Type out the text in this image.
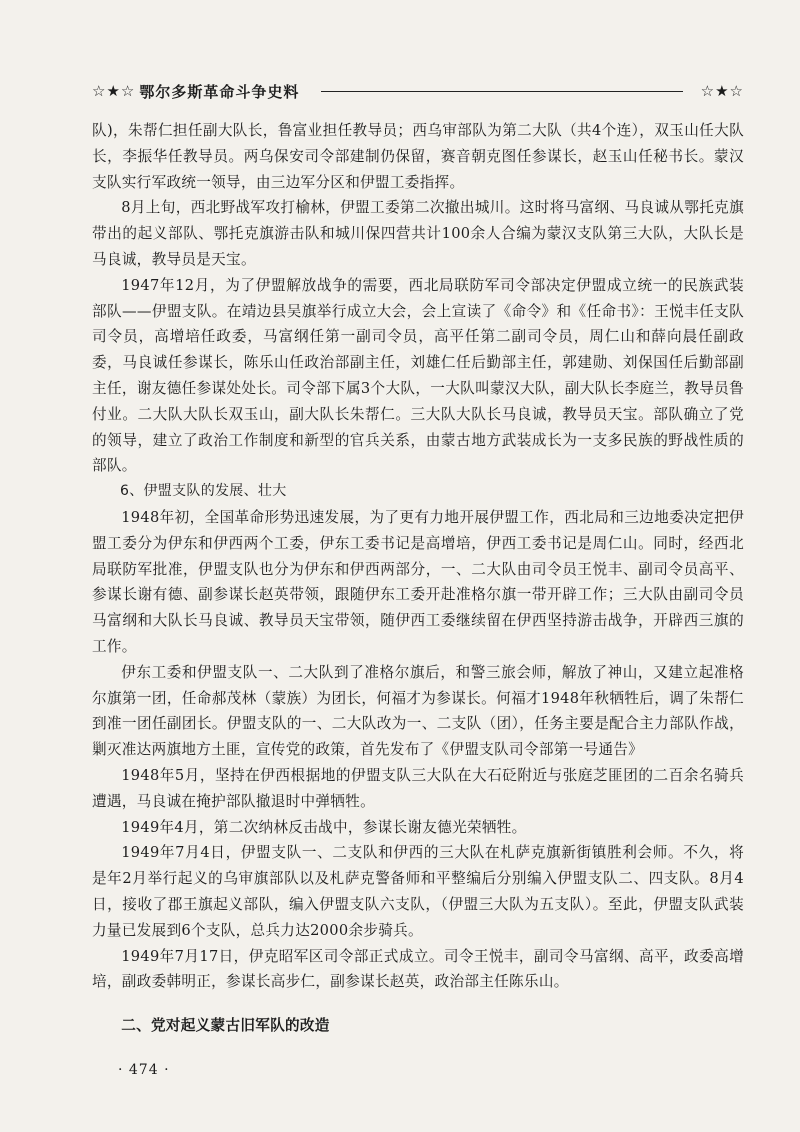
☆★☆ 鄂尔多斯革命斗争史料	☆★☆

队)，朱帮仁担任副大队长，鲁富业担任教导员；西乌审部队为第二大队（共4个连），双玉山任大队长，李振华任教导员。两乌保安司令部建制仍保留，赛音朝克图任参谋长，赵玉山任秘书长。蒙汉支队实行军政统一领导，由三边军分区和伊盟工委指挥。

8月上旬，西北野战军攻打榆林，伊盟工委第二次撤出城川。这时将马富纲、马良诚从鄂托克旗带出的起义部队、鄂托克旗游击队和城川保四营共计100余人合编为蒙汉支队第三大队，大队长是马良诚，教导员是天宝。

1947年12月，为了伊盟解放战争的需要，西北局联防军司令部决定伊盟成立统一的民族武装部队——伊盟支队。在靖边县吴旗举行成立大会，会上宣读了《命令》和《任命书》：王悦丰任支队司令员，高增培任政委，马富纲任第一副司令员，高平任第二副司令员，周仁山和薛向晨任副政委，马良诚任参谋长，陈乐山任政治部副主任，刘雄仁任后勤部主任，郭建勋、刘保国任后勤部副主任，谢友德任参谋处处长。司令部下属3个大队，一大队叫蒙汉大队，副大队长李庭兰，教导员鲁付业。二大队大队长双玉山，副大队长朱帮仁。三大队大队长马良诚，教导员天宝。部队确立了党的领导，建立了政治工作制度和新型的官兵关系，由蒙古地方武装成长为一支多民族的野战性质的部队。

6、伊盟支队的发展、壮大

1948年初，全国革命形势迅速发展，为了更有力地开展伊盟工作，西北局和三边地委决定把伊盟工委分为伊东和伊西两个工委，伊东工委书记是高增培，伊西工委书记是周仁山。同时，经西北局联防军批准，伊盟支队也分为伊东和伊西两部分，一、二大队由司令员王悦丰、副司令员高平、参谋长谢有德、副参谋长赵英带领，跟随伊东工委开赴准格尔旗一带开辟工作；三大队由副司令员马富纲和大队长马良诚、教导员天宝带领，随伊西工委继续留在伊西坚持游击战争，开辟西三旗的工作。

伊东工委和伊盟支队一、二大队到了准格尔旗后，和警三旅会师，解放了神山，又建立起准格尔旗第一团，任命郝茂林（蒙族）为团长，何福才为参谋长。何福才1948年秋牺牲后，调了朱帮仁到准一团任副团长。伊盟支队的一、二大队改为一、二支队（团），任务主要是配合主力部队作战，剿灭准达两旗地方土匪，宣传党的政策，首先发布了《伊盟支队司令部第一号通告》

1948年5月，坚持在伊西根据地的伊盟支队三大队在大石砭附近与张庭芝匪团的二百余名骑兵遭遇，马良诚在掩护部队撤退时中弹牺牲。

1949年4月，第二次纳林反击战中，参谋长谢友德光荣牺牲。

1949年7月4日，伊盟支队一、二支队和伊西的三大队在札萨克旗新街镇胜利会师。不久，将是年2月举行起义的乌审旗部队以及札萨克警备师和平整编后分别编入伊盟支队二、四支队。8月4日，接收了郡王旗起义部队，编入伊盟支队六支队，（伊盟三大队为五支队）。至此，伊盟支队武装力量已发展到6个支队，总兵力达2000余步骑兵。

1949年7月17日，伊克昭军区司令部正式成立。司令王悦丰，副司令马富纲、高平，政委高增培，副政委韩明正，参谋长高步仁，副参谋长赵英，政治部主任陈乐山。

二、党对起义蒙古旧军队的改造

· 474 ·
